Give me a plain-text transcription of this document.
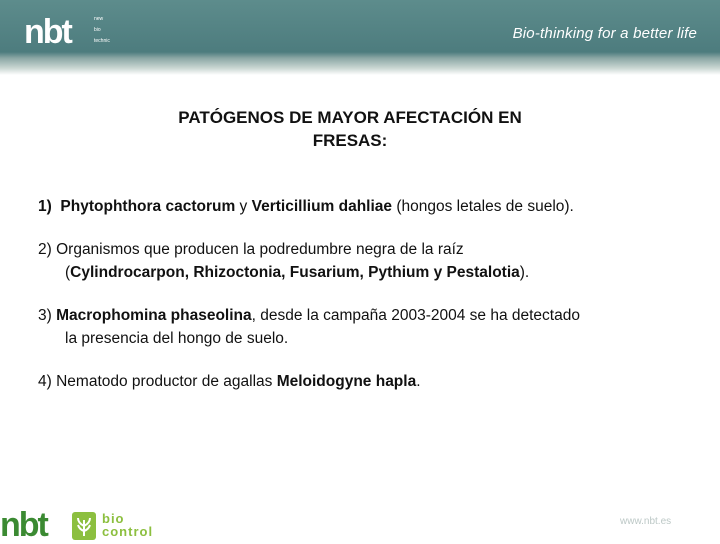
nbt	new
bio
technic	Bio-thinking for a better life
PATÓGENOS DE MAYOR AFECTACIÓN EN
FRESAS:
1) Phytophthora cactorum y Verticillium dahliae (hongos letales de suelo).
2) Organismos que producen la podredumbre negra de la raíz
(Cylindrocarpon, Rhizoctonia, Fusarium, Pythium y Pestalotia).
3) Macrophomina phaseolina, desde la campaña 2003-2004 se ha detectado
la presencia del hongo de suelo.
4) Nematodo productor de agallas Meloidogyne hapla.
nbt	bio
control
www.nbt.es
